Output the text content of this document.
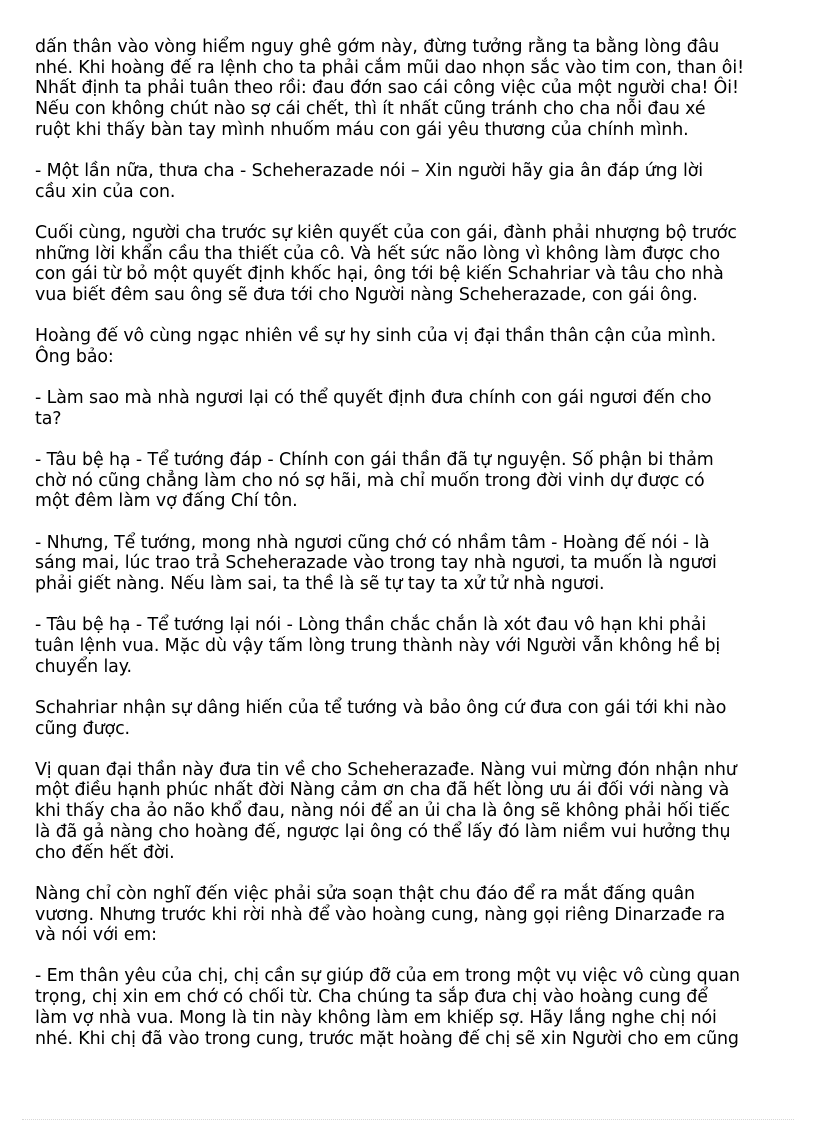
dấn thân vào vòng hiểm nguy ghê gớm này, đừng tưởng rằng ta bằng lòng đâu
nhé. Khi hoàng đế ra lệnh cho ta phải cắm mũi dao nhọn sắc vào tim con, than ôi!
Nhất định ta phải tuân theo rồi: đau đớn sao cái công việc của một người cha! Ôi!
Nếu con không chút nào sợ cái chết, thì ít nhất cũng tránh cho cha nỗi đau xé
ruột khi thấy bàn tay mình nhuốm máu con gái yêu thương của chính mình.
- Một lần nữa, thưa cha - Scheherazade nói – Xin người hãy gia ân đáp ứng lời
cầu xin của con.
Cuối cùng, người cha trước sự kiên quyết của con gái, đành phải nhượng bộ trước
những lời khẩn cầu tha thiết của cô. Và hết sức não lòng vì không làm được cho
con gái từ bỏ một quyết định khốc hại, ông tới bệ kiến Schahriar và tâu cho nhà
vua biết đêm sau ông sẽ đưa tới cho Người nàng Scheherazade, con gái ông.
Hoàng đế vô cùng ngạc nhiên về sự hy sinh của vị đại thần thân cận của mình.
Ông bảo:
- Làm sao mà nhà ngươi lại có thể quyết định đưa chính con gái ngươi đến cho
ta?
- Tâu bệ hạ - Tể tướng đáp - Chính con gái thần đã tự nguyện. Số phận bi thảm
chờ nó cũng chẳng làm cho nó sợ hãi, mà chỉ muốn trong đời vinh dự được có
một đêm làm vợ đấng Chí tôn.
- Nhưng, Tể tướng, mong nhà ngươi cũng chớ có nhầm tâm - Hoàng đế nói - là
sáng mai, lúc trao trả Scheherazade vào trong tay nhà ngươi, ta muốn là ngươi
phải giết nàng. Nếu làm sai, ta thề là sẽ tự tay ta xử tử nhà ngươi.
- Tâu bệ hạ - Tể tướng lại nói - Lòng thần chắc chắn là xót đau vô hạn khi phải
tuân lệnh vua. Mặc dù vậy tấm lòng trung thành này với Người vẫn không hề bị
chuyển lay.
Schahriar nhận sự dâng hiến của tể tướng và bảo ông cứ đưa con gái tới khi nào
cũng được.
Vị quan đại thần này đưa tin về cho Scheherazađe. Nàng vui mừng đón nhận như
một điều hạnh phúc nhất đời Nàng cảm ơn cha đã hết lòng ưu ái đối với nàng và
khi thấy cha ảo não khổ đau, nàng nói để an ủi cha là ông sẽ không phải hối tiếc
là đã gả nàng cho hoàng đế, ngược lại ông có thể lấy đó làm niềm vui hưởng thụ
cho đến hết đời.
Nàng chỉ còn nghĩ đến việc phải sửa soạn thật chu đáo để ra mắt đấng quân
vương. Nhưng trước khi rời nhà để vào hoàng cung, nàng gọi riêng Dinarzađe ra
và nói với em:
- Em thân yêu của chị, chị cần sự giúp đỡ của em trong một vụ việc vô cùng quan
trọng, chị xin em chớ có chối từ. Cha chúng ta sắp đưa chị vào hoàng cung để
làm vợ nhà vua. Mong là tin này không làm em khiếp sợ. Hãy lắng nghe chị nói
nhé. Khi chị đã vào trong cung, trước mặt hoàng đế chị sẽ xin Người cho em cũng
